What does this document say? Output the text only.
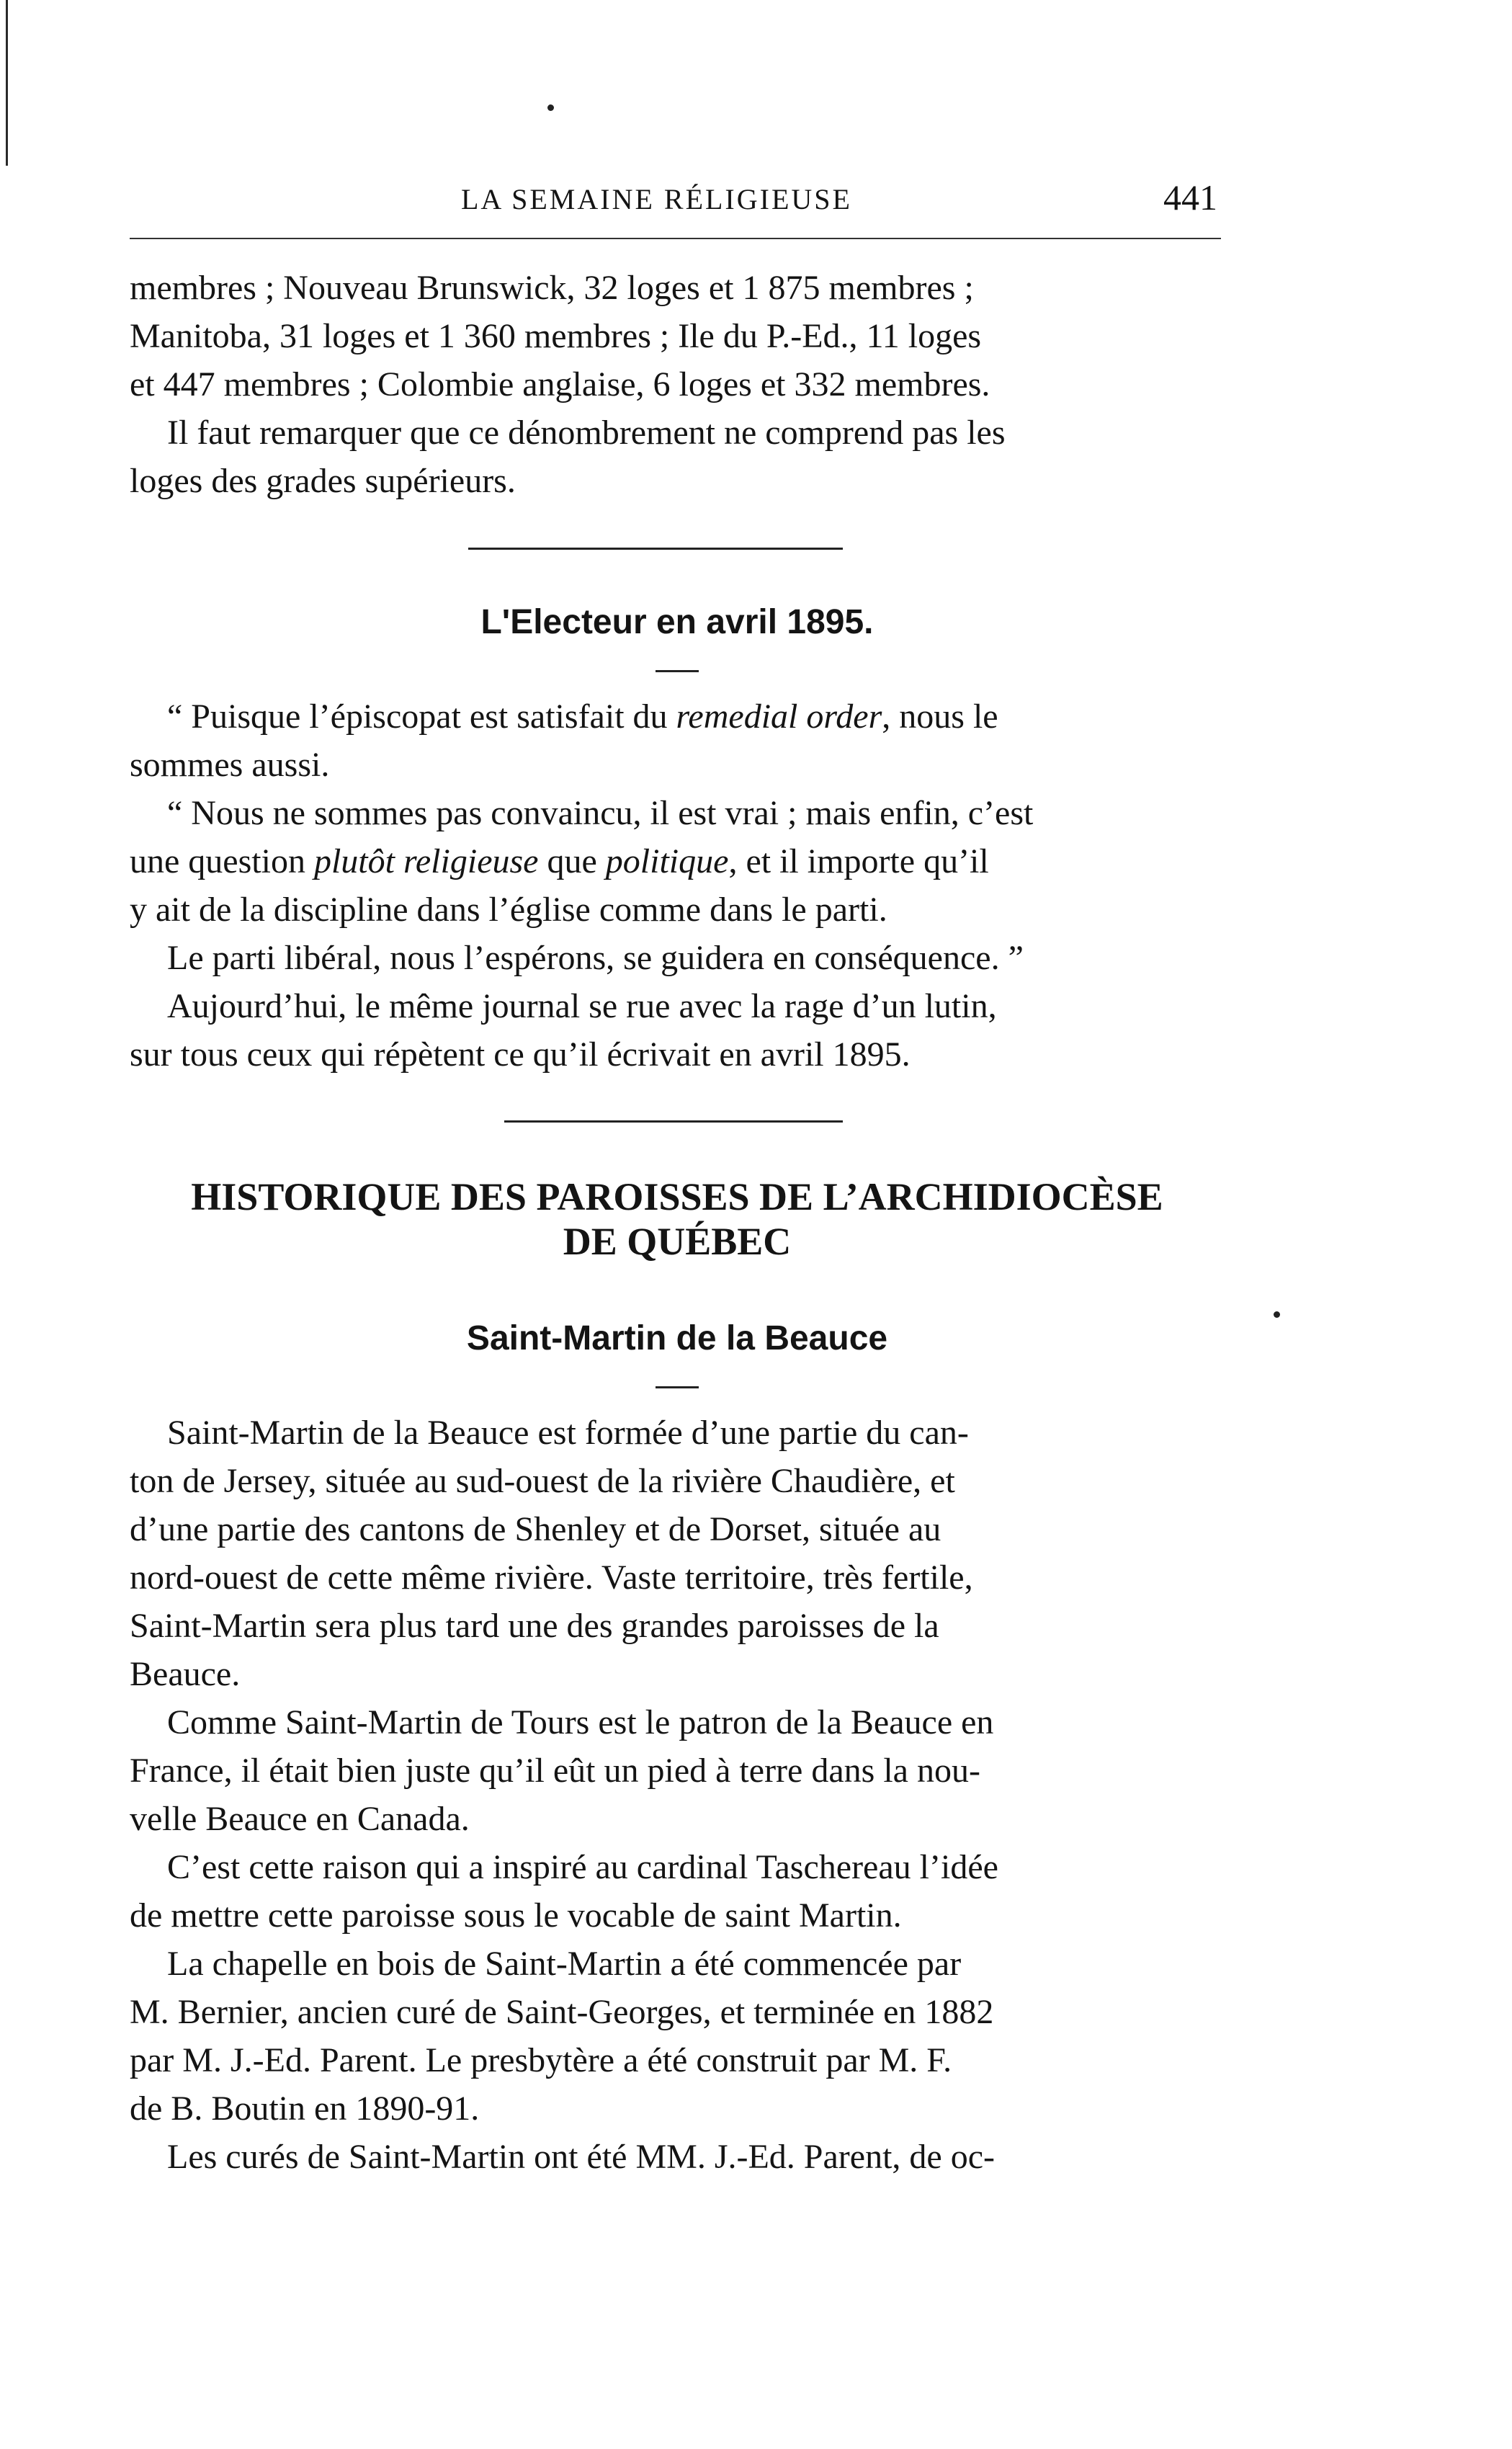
LA SEMAINE RÉLIGIEUSE	441

membres ; Nouveau Brunswick, 32 loges et 1 875 membres ;
Manitoba, 31 loges et 1 360 membres ; Ile du P.-Ed., 11 loges
et 447 membres ; Colombie anglaise, 6 loges et 332 membres.
Il faut remarquer que ce dénombrement ne comprend pas les
loges des grades supérieurs.

L'Electeur en avril 1895.

“ Puisque l’épiscopat est satisfait du remedial order, nous le
sommes aussi.

“ Nous ne sommes pas convaincu, il est vrai ; mais enfin, c’est
une question plutôt religieuse que politique, et il importe qu’il
y ait de la discipline dans l’église comme dans le parti.

Le parti libéral, nous l’espérons, se guidera en conséquence. ”

Aujourd’hui, le même journal se rue avec la rage d’un lutin,
sur tous ceux qui répètent ce qu’il écrivait en avril 1895.

HISTORIQUE DES PAROISSES DE L’ARCHIDIOCÈSE
DE QUÉBEC
Saint-Martin de la Beauce

Saint-Martin de la Beauce est formée d’une partie du can-
ton de Jersey, située au sud-ouest de la rivière Chaudière, et
d’une partie des cantons de Shenley et de Dorset, située au
nord-ouest de cette même rivière. Vaste territoire, très fertile,
Saint-Martin sera plus tard une des grandes paroisses de la
Beauce.

Comme Saint-Martin de Tours est le patron de la Beauce en
France, il était bien juste qu’il eût un pied à terre dans la nou-
velle Beauce en Canada.

C’est cette raison qui a inspiré au cardinal Taschereau l’idée
de mettre cette paroisse sous le vocable de saint Martin.

La chapelle en bois de Saint-Martin a été commencée par
M. Bernier, ancien curé de Saint-Georges, et terminée en 1882
par M. J.-Ed. Parent. Le presbytère a été construit par M. F.
de B. Boutin en 1890-91.

Les curés de Saint-Martin ont été MM. J.-Ed. Parent, de oc-
